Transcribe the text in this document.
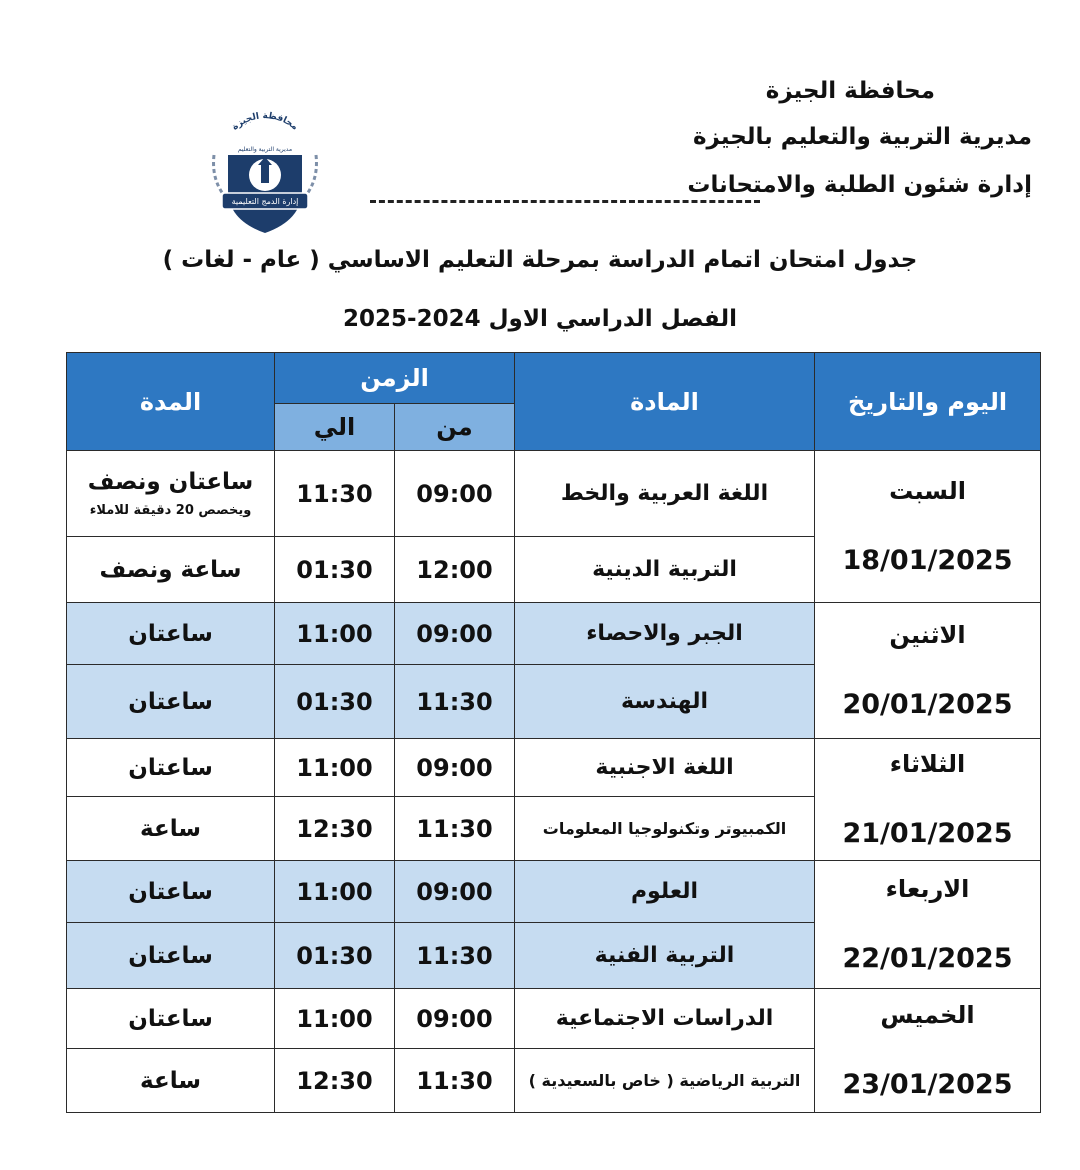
محافظة الجيزة
مديرية التربية والتعليم بالجيزة
إدارة شئون الطلبة والامتحانات
محافظة الجيزة
إدارة الدمج التعليمية
مديرية التربية والتعليم
جدول امتحان اتمام الدراسة بمرحلة التعليم الاساسي ( عام - لغات )
الفصل الدراسي الاول 2024-2025
اليوم والتاريخ	المادة	الزمن		المدة
		من	الي	

السبت
18/01/2025	اللغة العربية والخط	09:00	11:30	ساعتان ونصف
ويخصص 20 دقيقة للاملاء

	التربية الدينية	12:00	01:30	ساعة ونصف

الاثنين
20/01/2025	الجبر والاحصاء	09:00	11:00	ساعتان
	الهندسة	11:30	01:30	ساعتان

الثلاثاء
21/01/2025	اللغة الاجنبية	09:00	11:00	ساعتان
	الكمبيوتر وتكنولوجيا المعلومات	11:30	12:30	ساعة

الاربعاء
22/01/2025	العلوم	09:00	11:00	ساعتان
	التربية الفنية	11:30	01:30	ساعتان

الخميس
23/01/2025	الدراسات الاجتماعية	09:00	11:00	ساعتان
	التربية الرياضية ( خاص بالسعيدية )	11:30	12:30	ساعة
